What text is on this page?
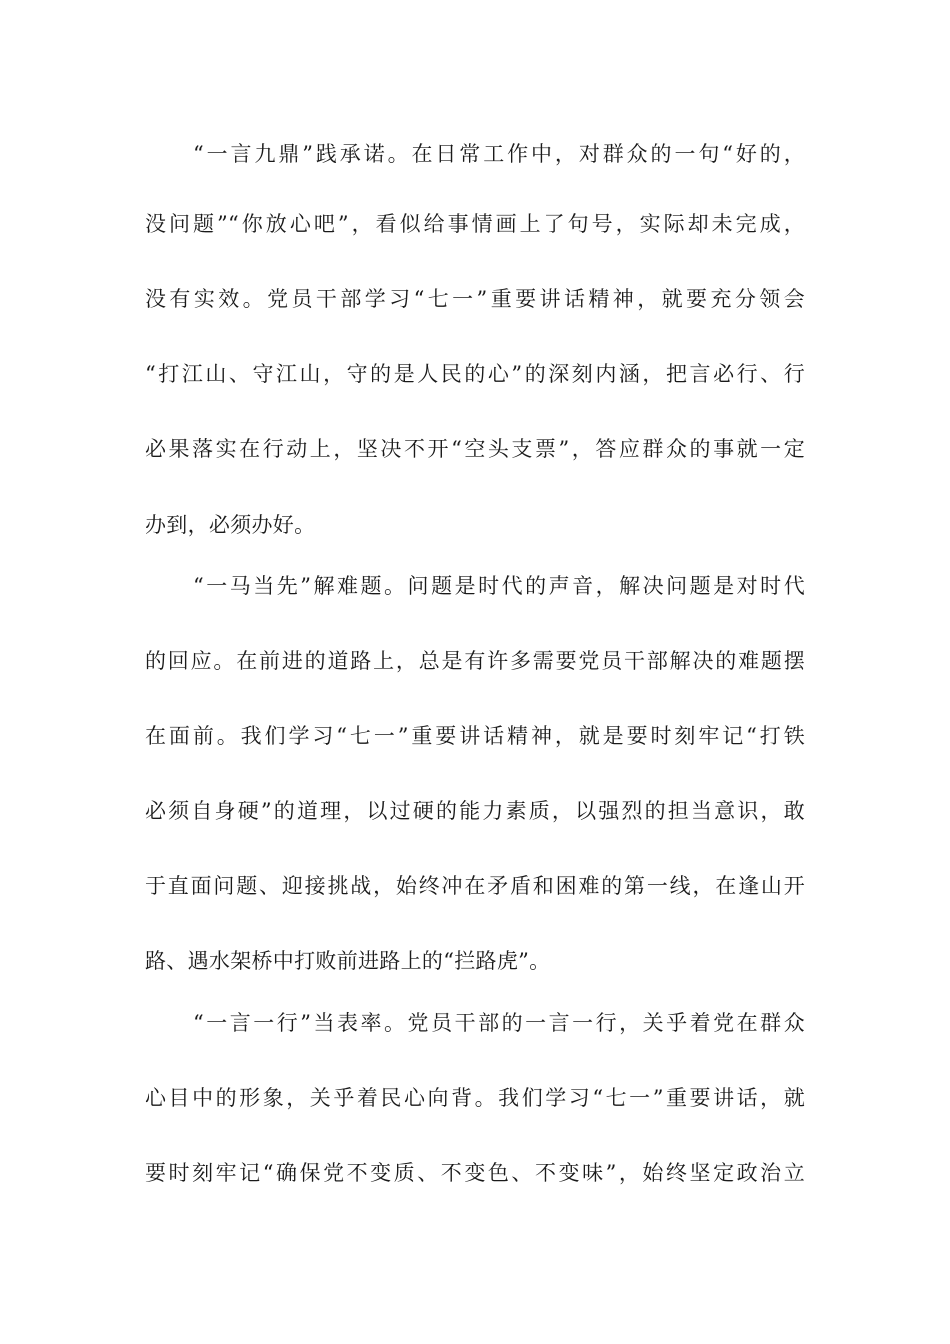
“一言九鼎”践承诺。在日常工作中，对群众的一句“好的，
没问题”“你放心吧”，看似给事情画上了句号，实际却未完成，
没有实效。党员干部学习“七一”重要讲话精神，就要充分领会
“打江山、守江山，守的是人民的心”的深刻内涵，把言必行、行
必果落实在行动上，坚决不开“空头支票”，答应群众的事就一定
办到，必须办好。
“一马当先”解难题。问题是时代的声音，解决问题是对时代
的回应。在前进的道路上，总是有许多需要党员干部解决的难题摆
在面前。我们学习“七一”重要讲话精神，就是要时刻牢记“打铁
必须自身硬”的道理，以过硬的能力素质，以强烈的担当意识，敢
于直面问题、迎接挑战，始终冲在矛盾和困难的第一线，在逢山开
路、遇水架桥中打败前进路上的“拦路虎”。
“一言一行”当表率。党员干部的一言一行，关乎着党在群众
心目中的形象，关乎着民心向背。我们学习“七一”重要讲话，就
要时刻牢记“确保党不变质、不变色、不变味”，始终坚定政治立
